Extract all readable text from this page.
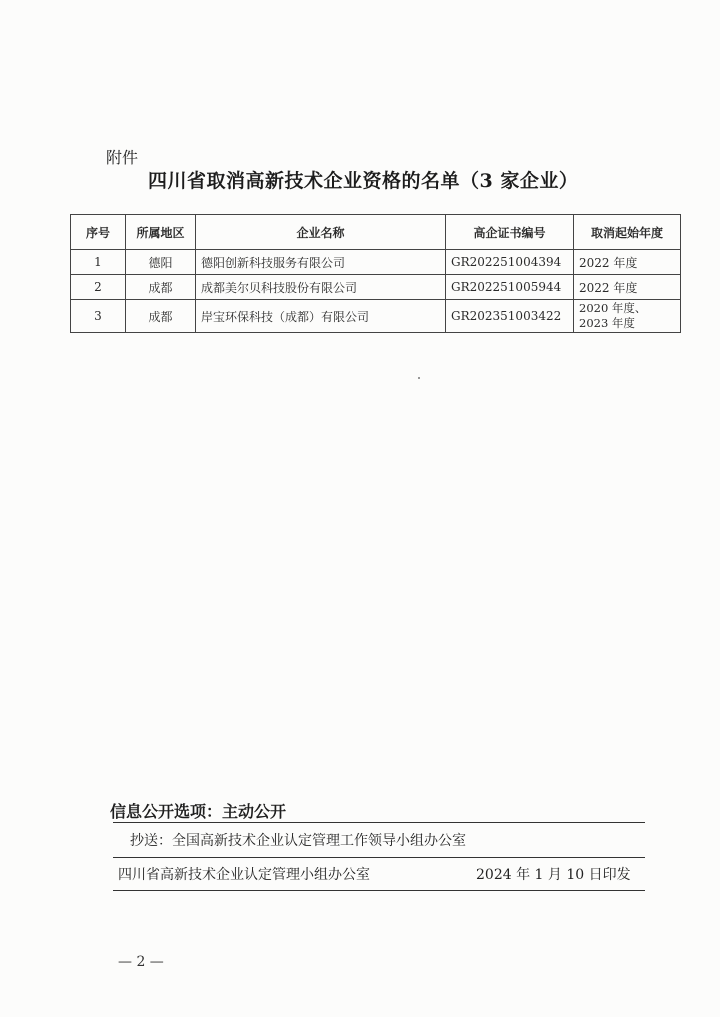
附件
四川省取消高新技术企业资格的名单（3 家企业）
序号	所属地区	企业名称	高企证书编号	取消起始年度
1	德阳	德阳创新科技服务有限公司	GR202251004394	2022 年度
2	成都	成都美尔贝科技股份有限公司	GR202251005944	2022 年度
3	成都	岸宝环保科技（成都）有限公司	GR202351003422	2020 年度、2023 年度
信息公开选项：主动公开
抄送：全国高新技术企业认定管理工作领导小组办公室
四川省高新技术企业认定管理小组办公室	2024 年 1 月 10 日印发
— 2 —
